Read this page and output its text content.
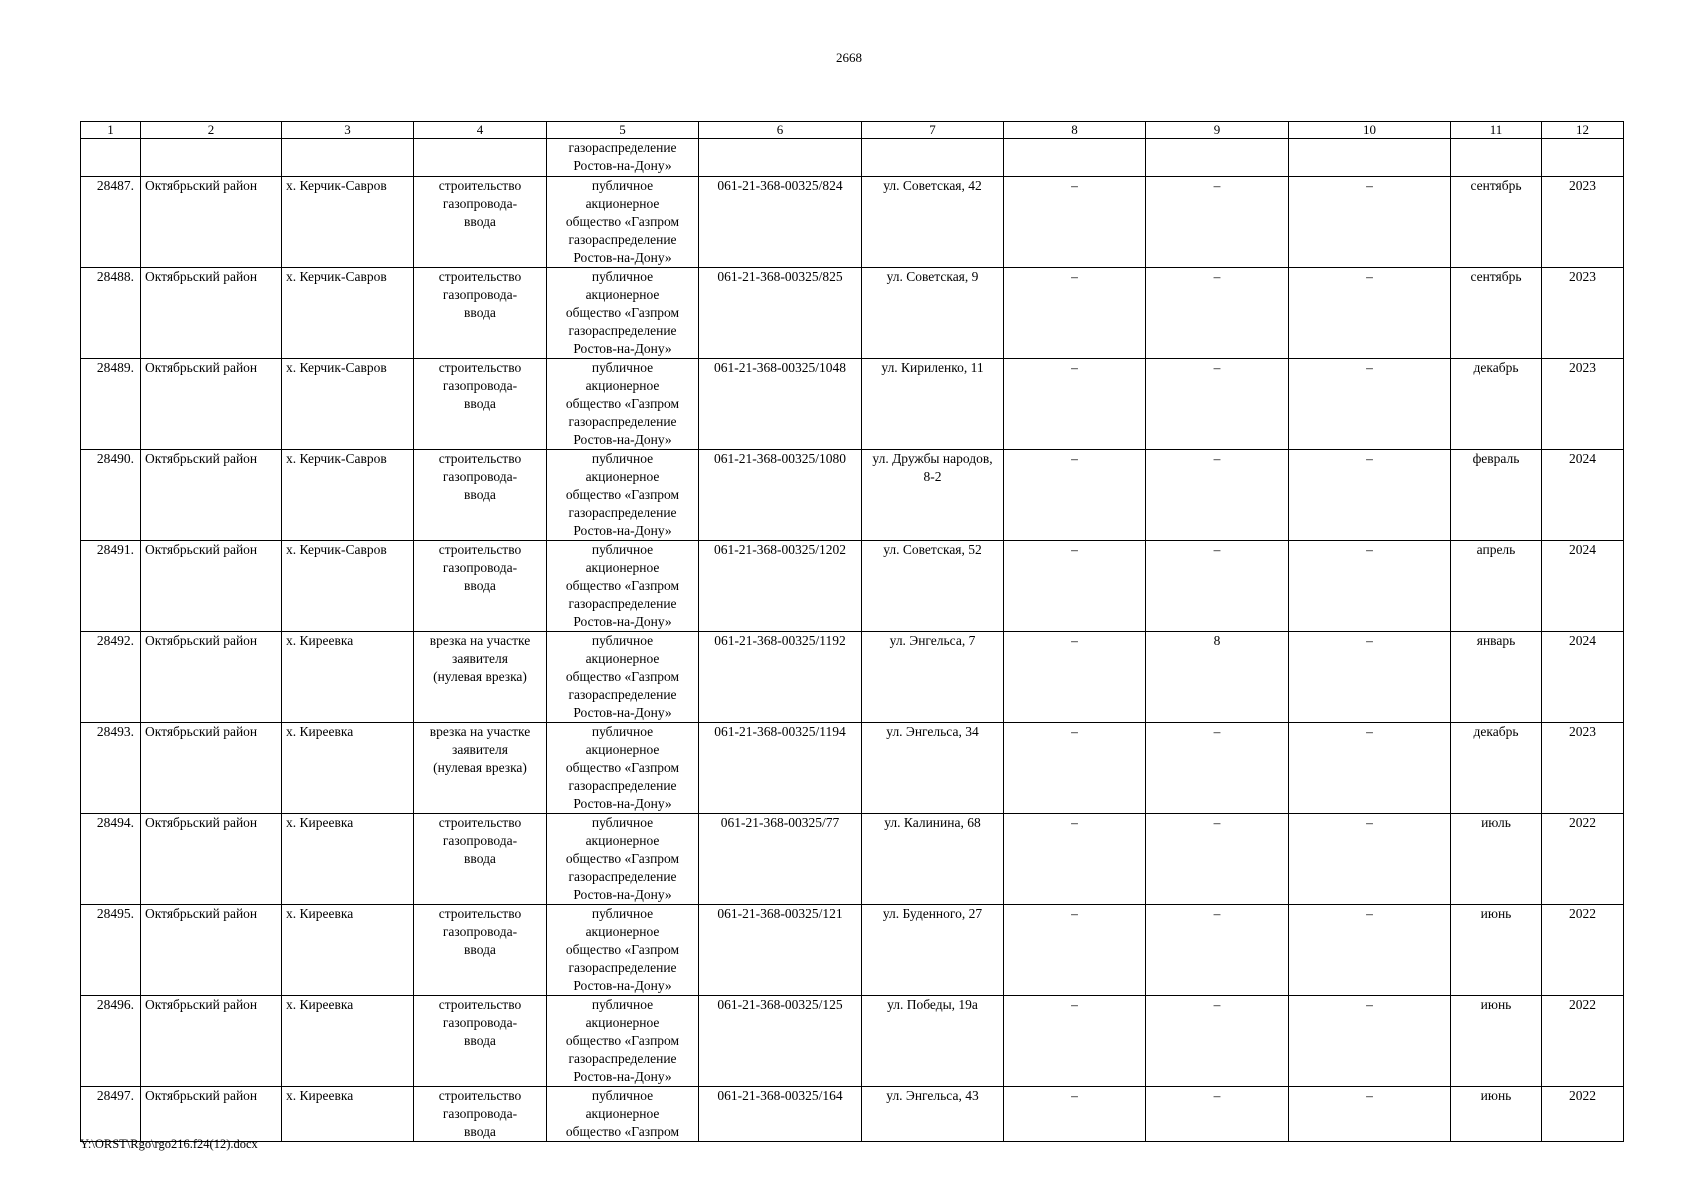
2668
1	2	3	4	5	6	7	8	9	10	11	12
				газораспределение
Ростов-на-Дону»							
28487.	Октябрьский район	х. Керчик-Савров	строительство
газопровода-
ввода	публичное
акционерное
общество «Газпром
газораспределение
Ростов-на-Дону»	061-21-368-00325/824	ул. Советская, 42	–	–	–	сентябрь	2023
28488.	Октябрьский район	х. Керчик-Савров	строительство
газопровода-
ввода	публичное
акционерное
общество «Газпром
газораспределение
Ростов-на-Дону»	061-21-368-00325/825	ул. Советская, 9	–	–	–	сентябрь	2023
28489.	Октябрьский район	х. Керчик-Савров	строительство
газопровода-
ввода	публичное
акционерное
общество «Газпром
газораспределение
Ростов-на-Дону»	061-21-368-00325/1048	ул. Кириленко, 11	–	–	–	декабрь	2023
28490.	Октябрьский район	х. Керчик-Савров	строительство
газопровода-
ввода	публичное
акционерное
общество «Газпром
газораспределение
Ростов-на-Дону»	061-21-368-00325/1080	ул. Дружбы народов,
8-2	–	–	–	февраль	2024
28491.	Октябрьский район	х. Керчик-Савров	строительство
газопровода-
ввода	публичное
акционерное
общество «Газпром
газораспределение
Ростов-на-Дону»	061-21-368-00325/1202	ул. Советская, 52	–	–	–	апрель	2024
28492.	Октябрьский район	х. Киреевка	врезка на участке
заявителя
(нулевая врезка)	публичное
акционерное
общество «Газпром
газораспределение
Ростов-на-Дону»	061-21-368-00325/1192	ул. Энгельса, 7	–	8	–	январь	2024
28493.	Октябрьский район	х. Киреевка	врезка на участке
заявителя
(нулевая врезка)	публичное
акционерное
общество «Газпром
газораспределение
Ростов-на-Дону»	061-21-368-00325/1194	ул. Энгельса, 34	–	–	–	декабрь	2023
28494.	Октябрьский район	х. Киреевка	строительство
газопровода-
ввода	публичное
акционерное
общество «Газпром
газораспределение
Ростов-на-Дону»	061-21-368-00325/77	ул. Калинина, 68	–	–	–	июль	2022
28495.	Октябрьский район	х. Киреевка	строительство
газопровода-
ввода	публичное
акционерное
общество «Газпром
газораспределение
Ростов-на-Дону»	061-21-368-00325/121	ул. Буденного, 27	–	–	–	июнь	2022
28496.	Октябрьский район	х. Киреевка	строительство
газопровода-
ввода	публичное
акционерное
общество «Газпром
газораспределение
Ростов-на-Дону»	061-21-368-00325/125	ул. Победы, 19а	–	–	–	июнь	2022
28497.	Октябрьский район	х. Киреевка	строительство
газопровода-
ввода	публичное
акционерное
общество «Газпром	061-21-368-00325/164	ул. Энгельса, 43	–	–	–	июнь	2022
Y:\ORST\Rgo\rgo216.f24(12).docx
